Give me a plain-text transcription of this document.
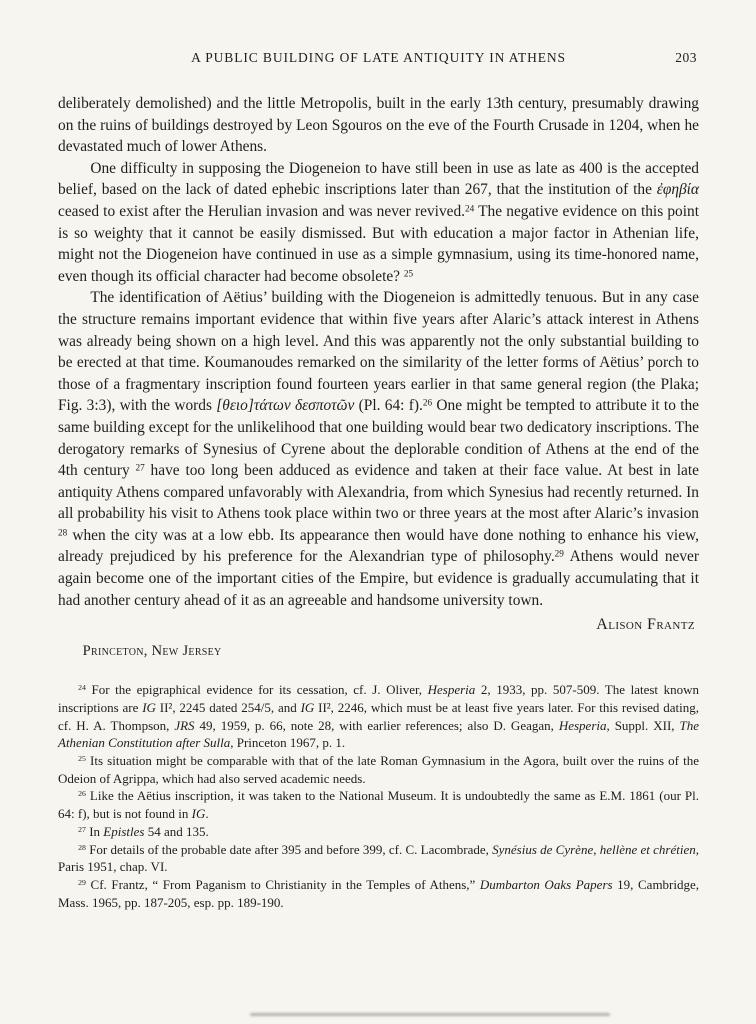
A PUBLIC BUILDING OF LATE ANTIQUITY IN ATHENS	203

deliberately demolished) and the little Metropolis, built in the early 13th century, presumably drawing on the ruins of buildings destroyed by Leon Sgouros on the eve of the Fourth Crusade in 1204, when he devastated much of lower Athens.

One difficulty in supposing the Diogeneion to have still been in use as late as 400 is the accepted belief, based on the lack of dated ephebic inscriptions later than 267, that the institution of the ἐφηβία ceased to exist after the Herulian invasion and was never revived.$^{24}$ The negative evidence on this point is so weighty that it cannot be easily dismissed. But with education a major factor in Athenian life, might not the Diogeneion have continued in use as a simple gymnasium, using its time-honored name, even though its official character had become obsolete? $^{25}$

The identification of Aëtius’ building with the Diogeneion is admittedly tenuous. But in any case the structure remains important evidence that within five years after Alaric’s attack interest in Athens was already being shown on a high level. And this was apparently not the only substantial building to be erected at that time. Koumanoudes remarked on the similarity of the letter forms of Aëtius’ porch to those of a fragmentary inscription found fourteen years earlier in that same general region (the Plaka; Fig. 3:3), with the words [θειο]τάτων δεσποτῶν (Pl. 64: f).$^{26}$ One might be tempted to attribute it to the same building except for the unlikelihood that one building would bear two dedicatory inscriptions. The derogatory remarks of Synesius of Cyrene about the deplorable condition of Athens at the end of the 4th century $^{27}$ have too long been adduced as evidence and taken at their face value. At best in late antiquity Athens compared unfavorably with Alexandria, from which Synesius had recently returned. In all probability his visit to Athens took place within two or three years at the most after Alaric’s invasion $^{28}$ when the city was at a low ebb. Its appearance then would have done nothing to enhance his view, already prejudiced by his preference for the Alexandrian type of philosophy.$^{29}$ Athens would never again become one of the important cities of the Empire, but evidence is gradually accumulating that it had another century ahead of it as an agreeable and handsome university town.

Alison Frantz
Princeton, New Jersey

$^{24}$ For the epigraphical evidence for its cessation, cf. J. Oliver, Hesperia 2, 1933, pp. 507-509. The latest known inscriptions are IG II², 2245 dated 254/5, and IG II², 2246, which must be at least five years later. For this revised dating, cf. H. A. Thompson, JRS 49, 1959, p. 66, note 28, with earlier references; also D. Geagan, Hesperia, Suppl. XII, The Athenian Constitution after Sulla, Princeton 1967, p. 1.

$^{25}$ Its situation might be comparable with that of the late Roman Gymnasium in the Agora, built over the ruins of the Odeion of Agrippa, which had also served academic needs.

$^{26}$ Like the Aëtius inscription, it was taken to the National Museum. It is undoubtedly the same as E.M. 1861 (our Pl. 64: f), but is not found in IG.

$^{27}$ In Epistles 54 and 135.

$^{28}$ For details of the probable date after 395 and before 399, cf. C. Lacombrade, Synésius de Cyrène, hellène et chrétien, Paris 1951, chap. VI.

$^{29}$ Cf. Frantz, “ From Paganism to Christianity in the Temples of Athens,” Dumbarton Oaks Papers 19, Cambridge, Mass. 1965, pp. 187-205, esp. pp. 189-190.
